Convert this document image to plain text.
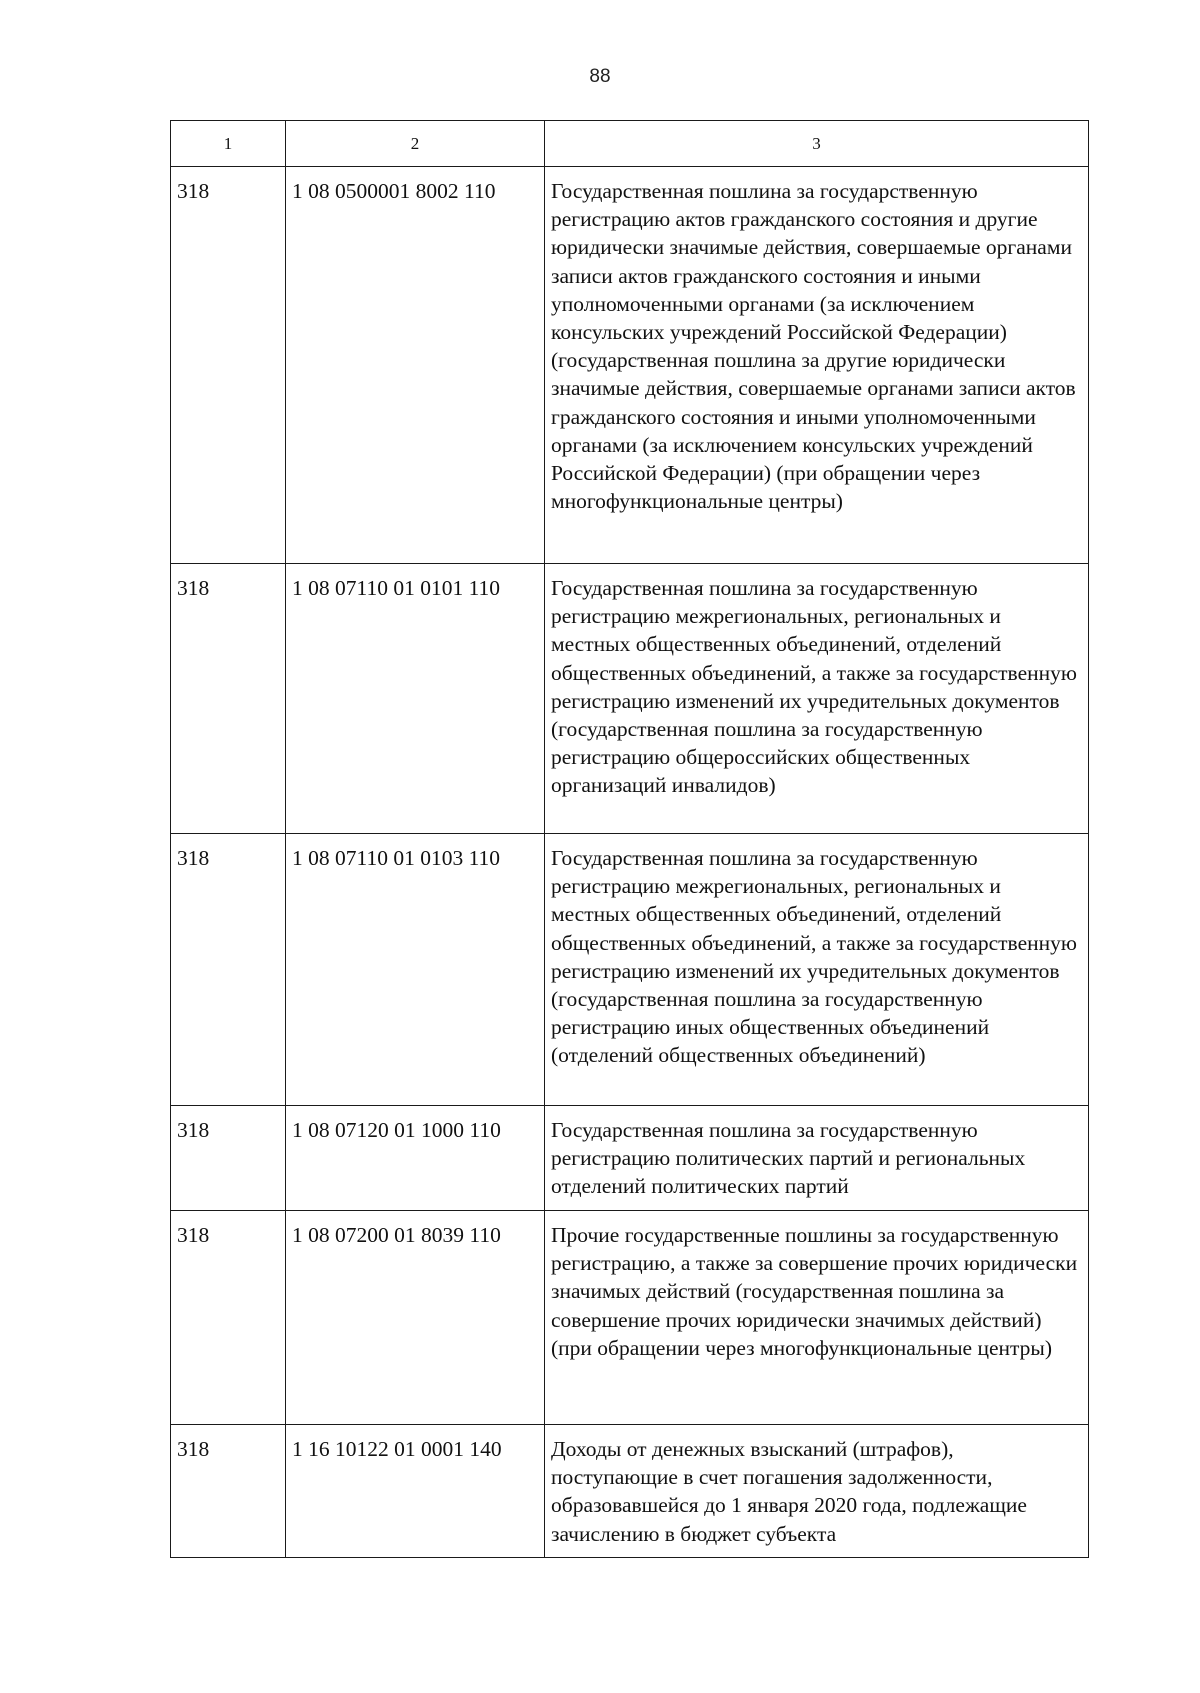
88
1	2	3
318	1 08 0500001 8002 110	Государственная пошлина за государственную регистрацию актов гражданского состояния и другие юридически значимые действия, совершаемые органами записи актов гражданского состояния и иными уполномоченными органами (за исключением консульских учреждений Российской Федерации) (государственная пошлина за другие юридически значимые действия, совершаемые органами записи актов гражданского состояния и иными уполномоченными органами (за исключением консульских учреждений Российской Федерации) (при обращении через многофункциональные центры)
318	1 08 07110 01 0101 110	Государственная пошлина за государственную регистрацию межрегиональных, региональных и местных общественных объединений, отделений общественных объединений, а также за государственную регистрацию изменений их учредительных документов (государственная пошлина за государственную регистрацию общероссийских общественных организаций инвалидов)
318	1 08 07110 01 0103 110	Государственная пошлина за государственную регистрацию межрегиональных, региональных и местных общественных объединений, отделений общественных объединений, а также за государственную регистрацию изменений их учредительных документов (государственная пошлина за государственную регистрацию иных общественных объединений (отделений общественных объединений)
318	1 08 07120 01 1000 110	Государственная пошлина за государственную регистрацию политических партий и региональных отделений политических партий
318	1 08 07200 01 8039 110	Прочие государственные пошлины за государственную регистрацию, а также за совершение прочих юридически значимых действий (государственная пошлина за совершение прочих юридически значимых действий) (при обращении через многофункциональные центры)
318	1 16 10122 01 0001 140	Доходы от денежных взысканий (штрафов), поступающие в счет погашения задолженности, образовавшейся до 1 января 2020 года, подлежащие зачислению в бюджет субъекта
